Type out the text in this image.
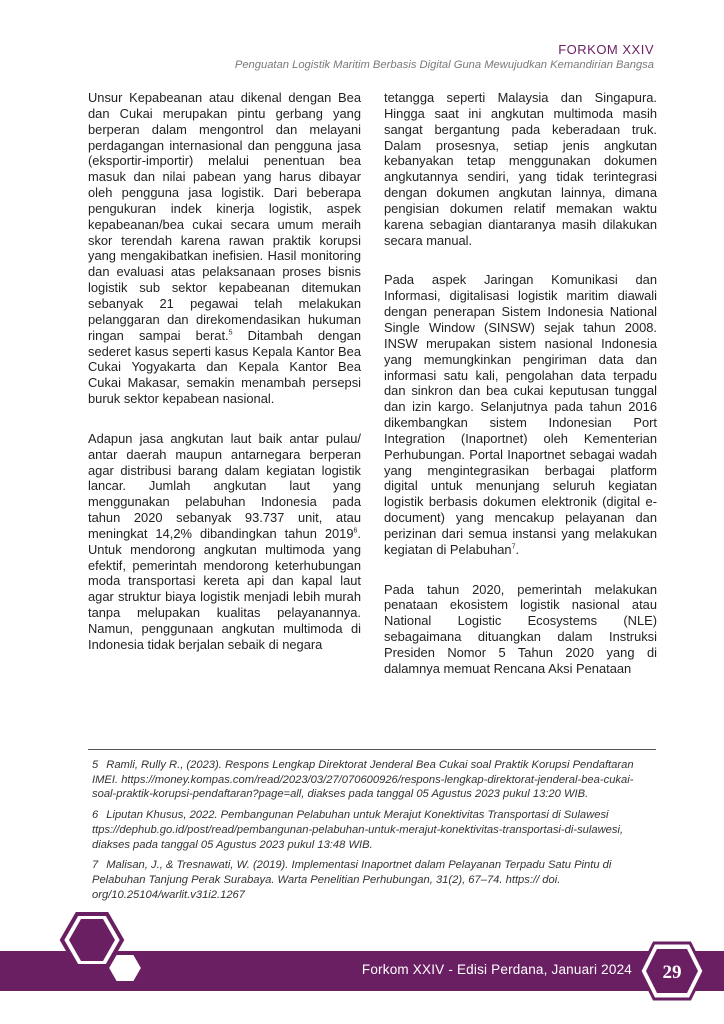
FORKOM XXIV
Penguatan Logistik Maritim Berbasis Digital Guna Mewujudkan Kemandirian Bangsa

Unsur Kepabeanan atau dikenal dengan Bea dan Cukai merupakan pintu gerbang yang berperan dalam mengontrol dan melayani perdagangan internasional dan pengguna jasa (eksportir-importir) melalui penentuan bea masuk dan nilai pabean yang harus dibayar oleh pengguna jasa logistik. Dari beberapa pengukuran indek kinerja logistik, aspek kepabeanan/bea cukai secara umum meraih skor terendah karena rawan praktik korupsi yang mengakibatkan inefisien. Hasil monitoring dan evaluasi atas pelaksanaan proses bisnis logistik sub sektor kepabeanan ditemukan sebanyak 21 pegawai telah melakukan pelanggaran dan direkomendasikan hukuman ringan sampai berat.$^5$ Ditambah dengan sederet kasus seperti kasus Kepala Kantor Bea Cukai Yogyakarta dan Kepala Kantor Bea Cukai Makasar, semakin menambah persepsi buruk sektor kepabean nasional.

Adapun jasa angkutan laut baik antar pulau/ antar daerah maupun antarnegara berperan agar distribusi barang dalam kegiatan logistik lancar. Jumlah angkutan laut yang menggunakan pelabuhan Indonesia pada tahun 2020 sebanyak 93.737 unit, atau meningkat 14,2% dibandingkan tahun 2019$^6$. Untuk mendorong angkutan multimoda yang efektif, pemerintah mendorong keterhubungan moda transportasi kereta api dan kapal laut agar struktur biaya logistik menjadi lebih murah tanpa melupakan kualitas pelayanannya. Namun, penggunaan angkutan multimoda di Indonesia tidak berjalan sebaik di negara

tetangga seperti Malaysia dan Singapura. Hingga saat ini angkutan multimoda masih sangat bergantung pada keberadaan truk. Dalam prosesnya, setiap jenis angkutan kebanyakan tetap menggunakan dokumen angkutannya sendiri, yang tidak terintegrasi dengan dokumen angkutan lainnya, dimana pengisian dokumen relatif memakan waktu karena sebagian diantaranya masih dilakukan secara manual.

Pada aspek Jaringan Komunikasi dan Informasi, digitalisasi logistik maritim diawali dengan penerapan Sistem Indonesia National Single Window (SINSW) sejak tahun 2008. INSW merupakan sistem nasional Indonesia yang memungkinkan pengiriman data dan informasi satu kali, pengolahan data terpadu dan sinkron dan bea cukai keputusan tunggal dan izin kargo. Selanjutnya pada tahun 2016 dikembangkan sistem Indonesian Port Integration (Inaportnet) oleh Kementerian Perhubungan. Portal Inaportnet sebagai wadah yang mengintegrasikan berbagai platform digital untuk menunjang seluruh kegiatan logistik berbasis dokumen elektronik (digital e-document) yang mencakup pelayanan dan perizinan dari semua instansi yang melakukan kegiatan di Pelabuhan$^7$.

Pada tahun 2020, pemerintah melakukan penataan ekosistem logistik nasional atau National Logistic Ecosystems (NLE) sebagaimana dituangkan dalam Instruksi Presiden Nomor 5 Tahun 2020 yang di dalamnya memuat Rencana Aksi Penataan

5 Ramli, Rully R., (2023). Respons Lengkap Direktorat Jenderal Bea Cukai soal Praktik Korupsi Pendaftaran IMEI. https://money.kompas.com/read/2023/03/27/070600926/respons-lengkap-direktorat-jenderal-bea-cukai-soal-praktik-korupsi-pendaftaran?page=all, diakses pada tanggal 05 Agustus 2023 pukul 13:20 WIB.
6 Liputan Khusus, 2022. Pembangunan Pelabuhan untuk Merajut Konektivitas Transportasi di Sulawesi ttps://dephub.go.id/post/read/pembangunan-pelabuhan-untuk-merajut-konektivitas-transportasi-di-sulawesi, diakses pada tanggal 05 Agustus 2023 pukul 13:48 WIB.
7 Malisan, J., & Tresnawati, W. (2019). Implementasi Inaportnet dalam Pelayanan Terpadu Satu Pintu di Pelabuhan Tanjung Perak Surabaya. Warta Penelitian Perhubungan, 31(2), 67–74. https:// doi. org/10.25104/warlit.v31i2.1267
Forkom XXIV - Edisi Perdana, Januari 2024 29
